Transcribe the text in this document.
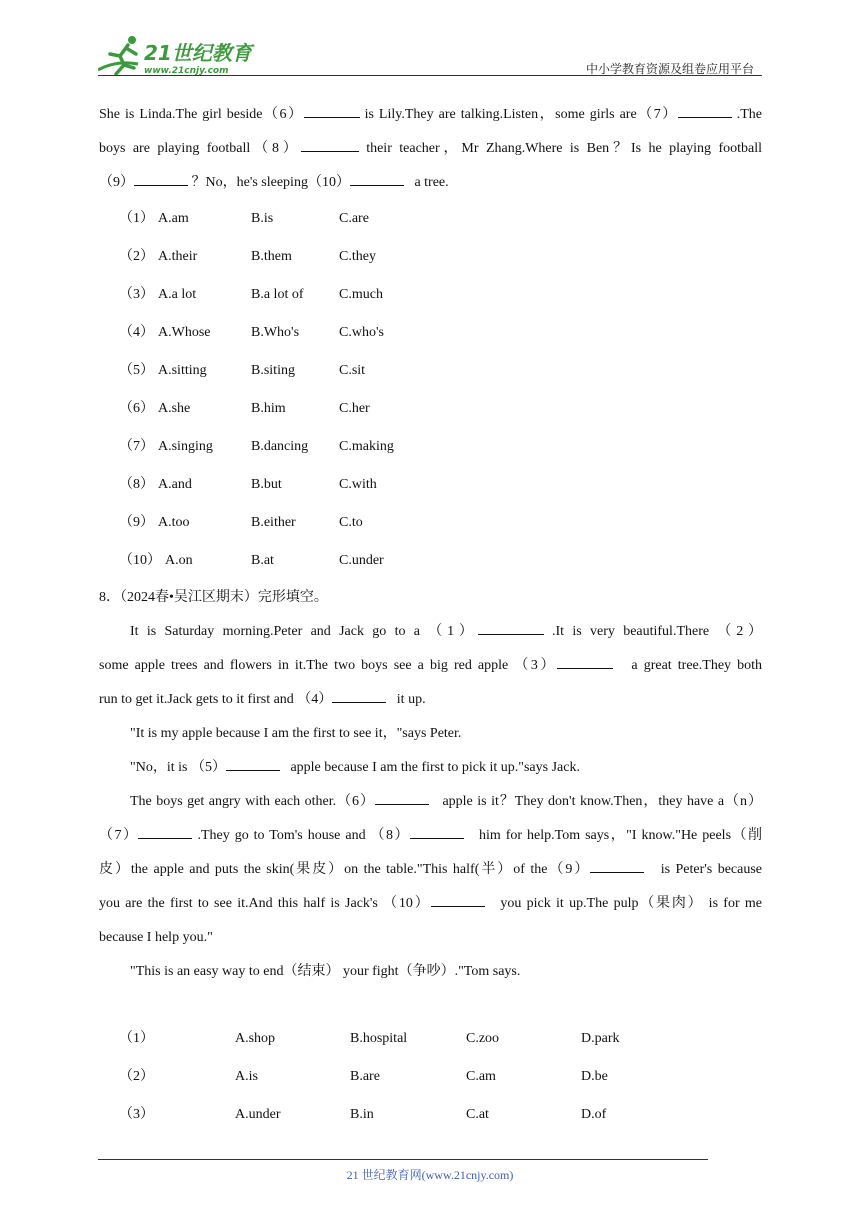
21世纪教育
www.21cnjy.com	中小学教育资源及组卷应用平台

She is Linda.The girl beside（6）	is Lily.They are talking.Listen，some girls are（7）	.The

boys are playing football（8）	their teacher，Mr Zhang.Where is Ben？Is he playing football

（9）	？No，he's sleeping（10）	a tree.

（1） A.am	B.is	C.are
（2） A.their	B.them	C.they
（3） A.a lot	B.a lot of	C.much
（4） A.Whose	B.Who's	C.who's
（5） A.sitting	B.siting	C.sit
（6） A.she	B.him	C.her
（7） A.singing	B.dancing C.making
（8） A.and	B.but	C.with
（9） A.too	B.either	C.to
（10） A.on	B.at	C.under
8．（2024春•吴江区期末）完形填空。

It is Saturday morning.Peter and Jack go to a （1）	.It is very beautiful.There （2）

some apple trees and flowers in it.The two boys see a big red apple （3）	a great tree.They both

run to get it.Jack gets to it first and （4）	it up.

"It is my apple because I am the first to see it，"says Peter.

"No，it is （5）	apple because I am the first to pick it up."says Jack.

The boys get angry with each other.（6）	apple is it？They don't know.Then，they have a（n）

（7）	.They go to Tom's house and （8）	him for help.Tom says，"I know."He peels（削

皮）the apple and puts the skin(果皮）on the table."This half(半）of the（9）	is Peter's because

you are the first to see it.And this half is Jack's （10）	you pick it up.The pulp（果肉） is for me

because I help you."

"This is an easy way to end（结束） your fight（争吵）."Tom says.

（1）	A.shop	B.hospital	C.zoo	D.park
（2）	A.is	B.are	C.am	D.be
（3）	A.under	B.in	C.at	D.of
21 世纪教育网(www.21cnjy.com)
